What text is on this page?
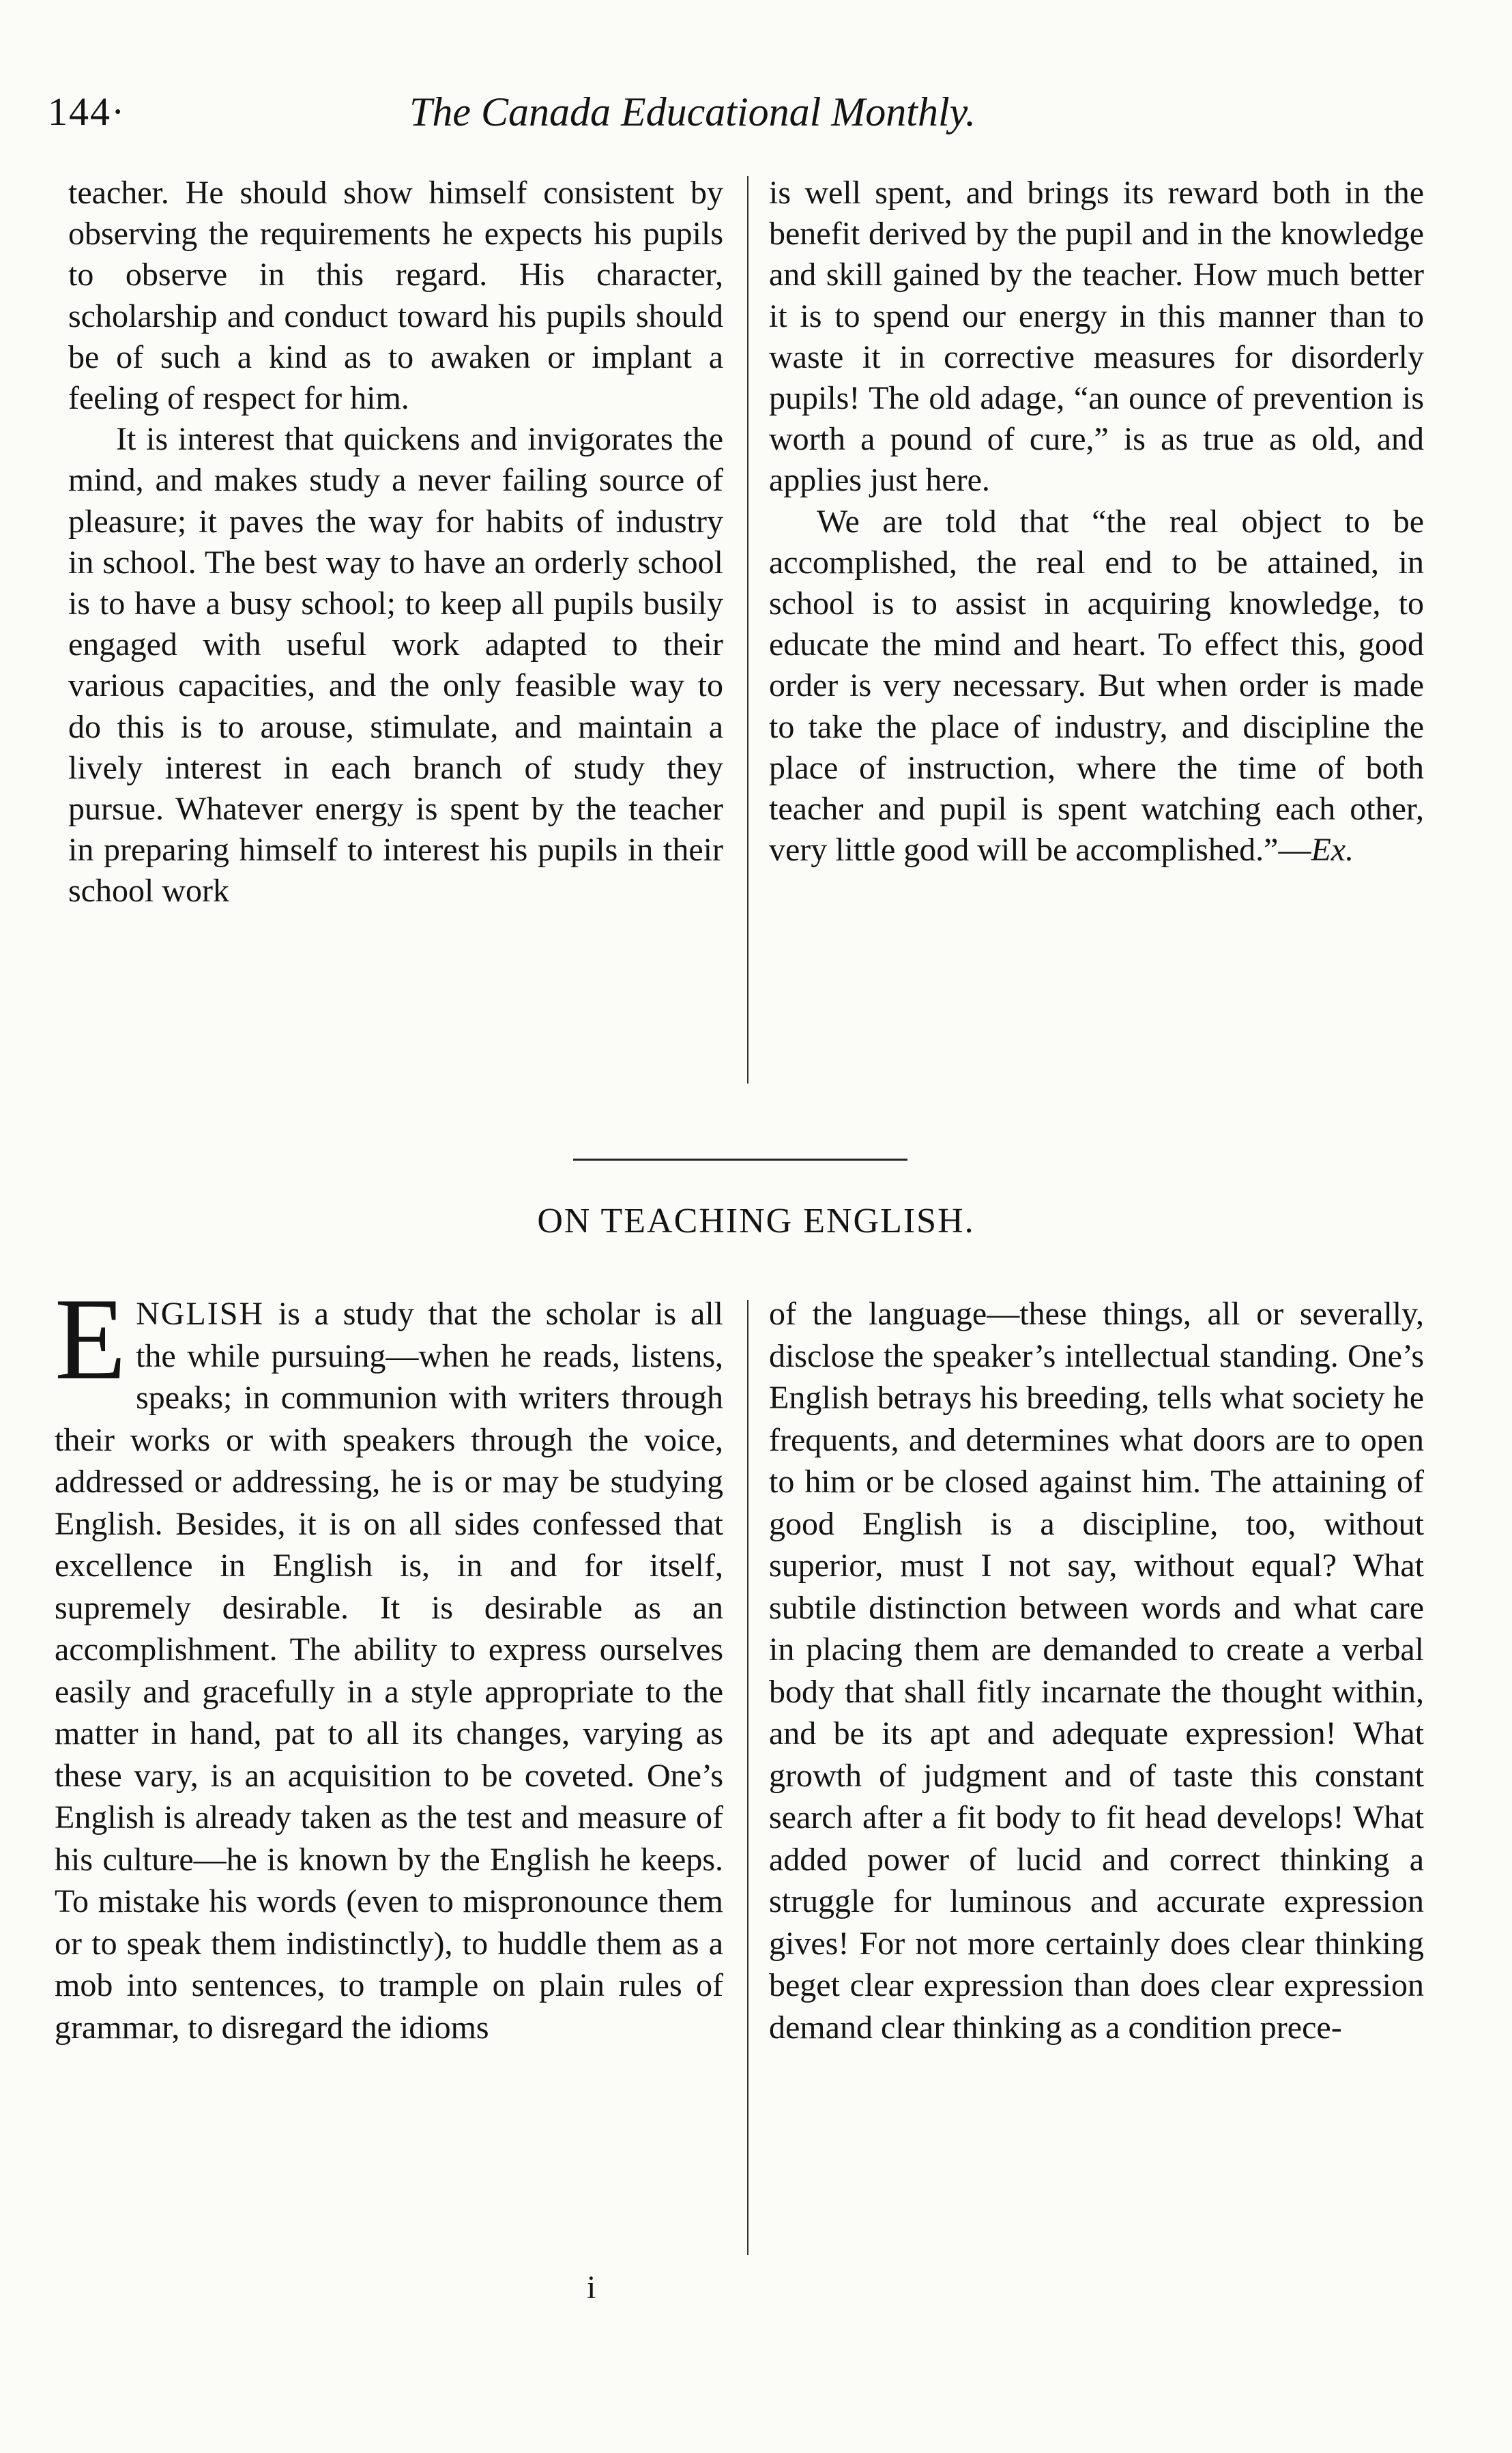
144·	The Canada Educational Monthly.

teacher. He should show himself consistent by observing the requirements he expects his pupils to observe in this regard. His character, scholarship and conduct toward his pupils should be of such a kind as to awaken or implant a feeling of respect for him.

It is interest that quickens and invigorates the mind, and makes study a never failing source of pleasure; it paves the way for habits of industry in school. The best way to have an orderly school is to have a busy school; to keep all pupils busily engaged with useful work adapted to their various capacities, and the only feasible way to do this is to arouse, stimulate, and maintain a lively interest in each branch of study they pursue. Whatever energy is spent by the teacher in preparing himself to interest his pupils in their school work

is well spent, and brings its reward both in the benefit derived by the pupil and in the knowledge and skill gained by the teacher. How much better it is to spend our energy in this manner than to waste it in corrective measures for disorderly pupils! The old adage, “an ounce of prevention is worth a pound of cure,” is as true as old, and applies just here.

We are told that “the real object to be accomplished, the real end to be attained, in school is to assist in acquiring knowledge, to educate the mind and heart. To effect this, good order is very necessary. But when order is made to take the place of industry, and discipline the place of instruction, where the time of both teacher and pupil is spent watching each other, very little good will be accomplished.”—Ex.

ON TEACHING ENGLISH.

ENGLISH is a study that the scholar is all the while pursuing—when he reads, listens, speaks; in communion with writers through their works or with speakers through the voice, addressed or addressing, he is or may be studying English. Besides, it is on all sides confessed that excellence in English is, in and for itself, supremely desirable. It is desirable as an accomplishment. The ability to express ourselves easily and gracefully in a style appropriate to the matter in hand, pat to all its changes, varying as these vary, is an acquisition to be coveted. One’s English is already taken as the test and measure of his culture—he is known by the English he keeps. To mistake his words (even to mispronounce them or to speak them indistinctly), to huddle them as a mob into sentences, to trample on plain rules of grammar, to disregard the idioms

of the language—these things, all or severally, disclose the speaker’s intellectual standing. One’s English betrays his breeding, tells what society he frequents, and determines what doors are to open to him or be closed against him. The attaining of good English is a discipline, too, without superior, must I not say, without equal? What subtile distinction between words and what care in placing them are demanded to create a verbal body that shall fitly incarnate the thought within, and be its apt and adequate expression! What growth of judgment and of taste this constant search after a fit body to fit head develops! What added power of lucid and correct thinking a struggle for luminous and accurate expression gives! For not more certainly does clear thinking beget clear expression than does clear expression demand clear thinking as a condition prece-

i
